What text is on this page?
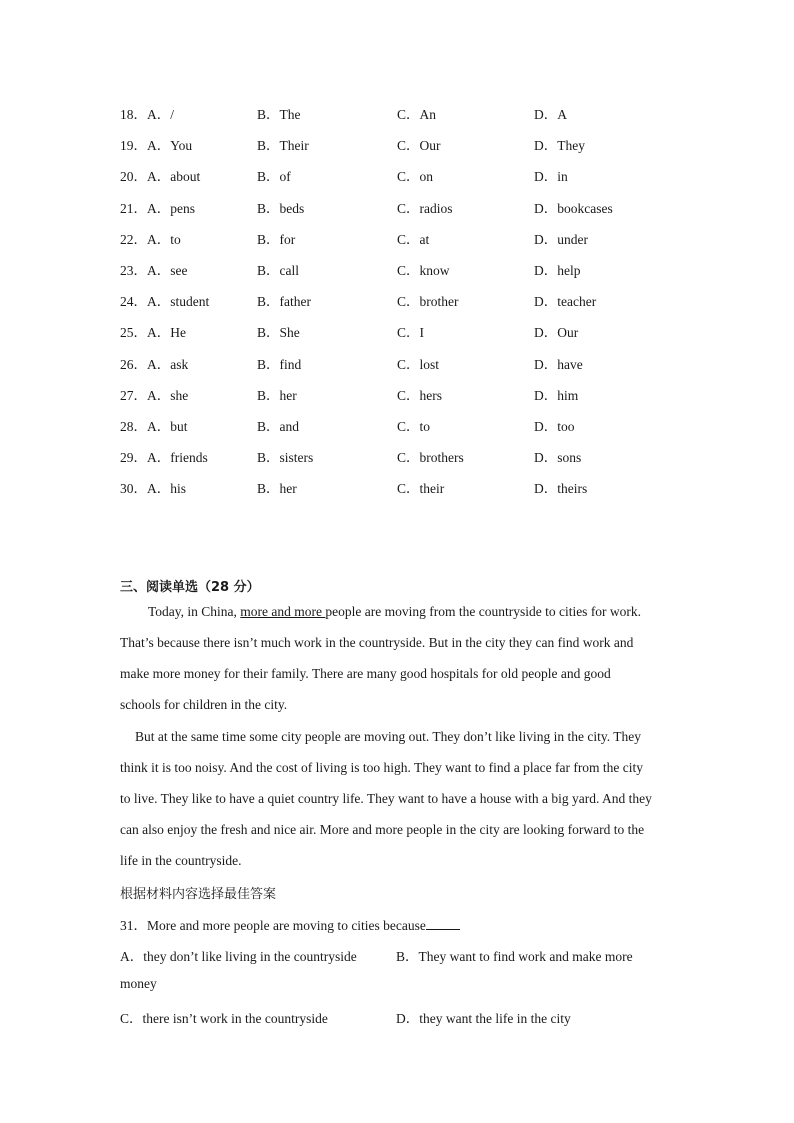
18． A．/	B．The	C．An	D．A
19． A．You	B．Their	C．Our	D．They
20． A．about	B．of	C．on	D．in
21． A．pens	B．beds	C．radios	D．bookcases
22． A．to	B．for	C．at	D．under
23． A．see	B．call	C．know	D．help
24． A．student	B．father	C．brother	D．teacher
25． A．He	B．She	C．I	D．Our
26． A．ask	B．find	C．lost	D．have
27． A．she	B．her	C．hers	D．him
28． A．but	B．and	C．to	D．too
29． A．friends	B．sisters	C．brothers	D．sons
30． A．his	B．her	C．their	D．theirs
三、阅读单选（28 分）
Today, in China, more and more people are moving from the countryside to cities for work.
That’s because there isn’t much work in the countryside. But in the city they can find work and
make more money for their family. There are many good hospitals for old people and good
schools for children in the city.
But at the same time some city people are moving out. They don’t like living in the city. They
think it is too noisy. And the cost of living is too high. They want to find a place far from the city
to live. They like to have a quiet country life. They want to have a house with a big yard. And they
can also enjoy the fresh and nice air. More and more people in the city are looking forward to the
life in the countryside.
根据材料内容选择最佳答案
31．More and more people are moving to cities because
A．they don’t like living in the countryside	B．They want to find work and make more
money
C．there isn’t work in the countryside	D．they want the life in the city
